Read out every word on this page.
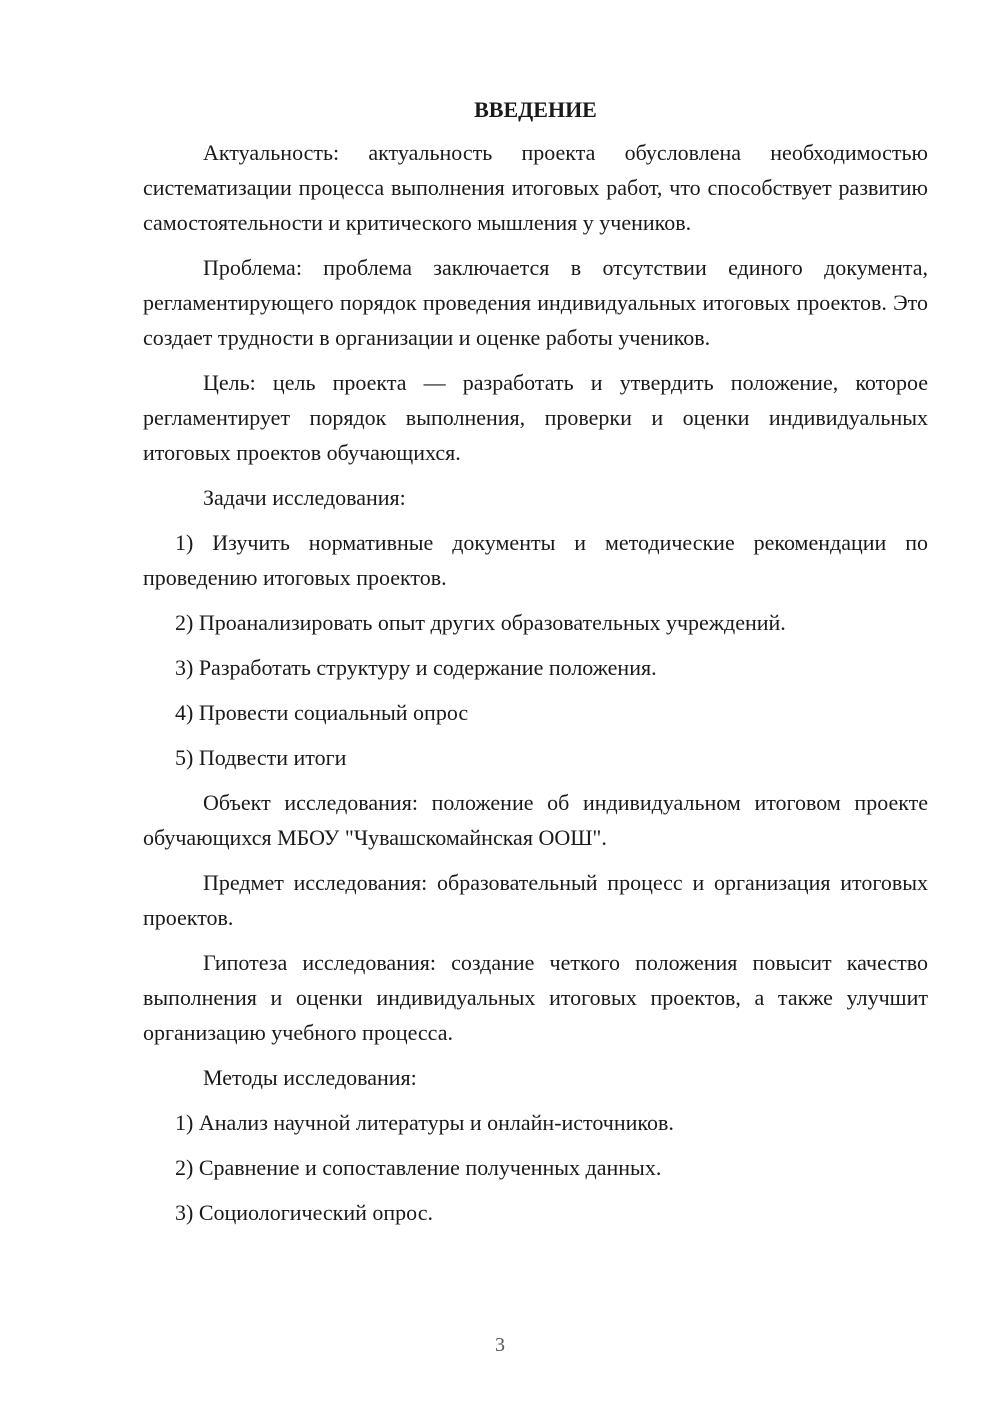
ВВЕДЕНИЕ

Актуальность: актуальность проекта обусловлена необходимостью систематизации процесса выполнения итоговых работ, что способствует развитию самостоятельности и критического мышления у учеников.

Проблема: проблема заключается в отсутствии единого документа, регламентирующего порядок проведения индивидуальных итоговых проектов. Это создает трудности в организации и оценке работы учеников.

Цель: цель проекта — разработать и утвердить положение, которое регламентирует порядок выполнения, проверки и оценки индивидуальных итоговых проектов обучающихся.

Задачи исследования:

1) Изучить нормативные документы и методические рекомендации по проведению итоговых проектов.

2) Проанализировать опыт других образовательных учреждений.

3) Разработать структуру и содержание положения.

4) Провести социальный опрос

5) Подвести итоги

Объект исследования: положение об индивидуальном итоговом проекте обучающихся МБОУ "Чувашскомайнская ООШ".

Предмет исследования: образовательный процесс и организация итоговых проектов.

Гипотеза исследования: создание четкого положения повысит качество выполнения и оценки индивидуальных итоговых проектов, а также улучшит организацию учебного процесса.

Методы исследования:

1) Анализ научной литературы и онлайн-источников.

2) Сравнение и сопоставление полученных данных.

3) Социологический опрос.

3
